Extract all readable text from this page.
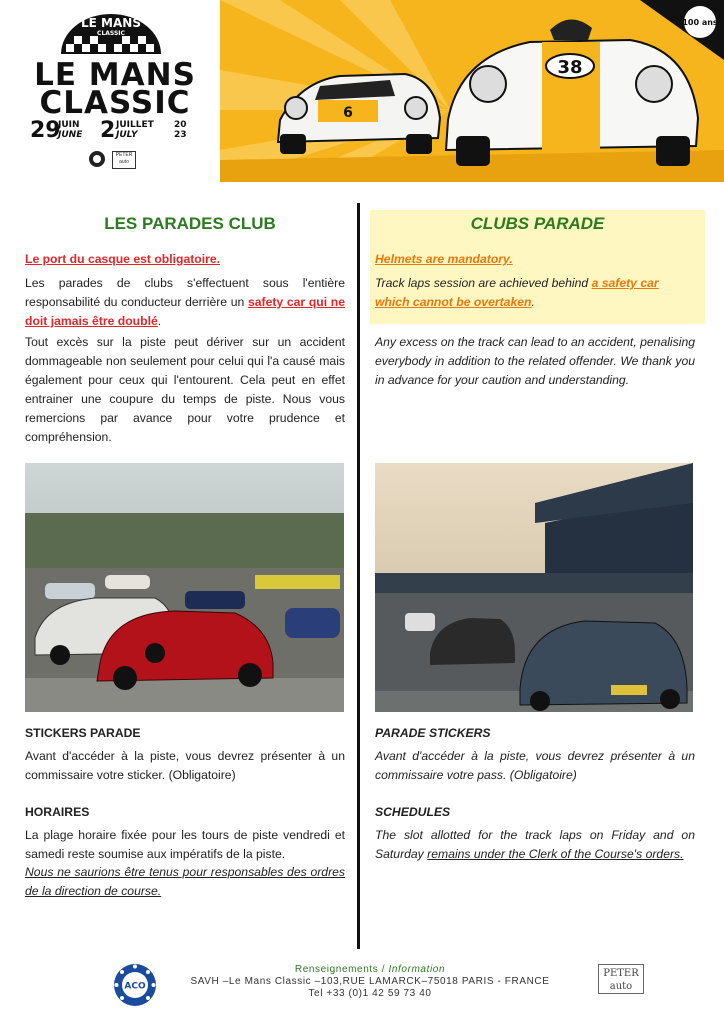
LE MANS
CLASSIC
LE MANS
CLASSIC
29
JUIN
JUNE 2 JUILLET
JULY
20
23
PETER auto
100 ans
6
38
LES PARADES CLUB

Le port du casque est obligatoire.

Les parades de clubs s'effectuent sous l'entière responsabilité du conducteur derrière un safety car qui ne doit jamais être doublé.

Tout excès sur la piste peut dériver sur un accident dommageable non seulement pour celui qui l'a causé mais également pour ceux qui l'entourent. Cela peut en effet entrainer une coupure du temps de piste. Nous vous remercions par avance pour votre prudence et compréhension.

STICKERS PARADE

Avant d'accéder à la piste, vous devrez présenter à un commissaire votre sticker. (Obligatoire)

HORAIRES

La plage horaire fixée pour les tours de piste vendredi et samedi reste soumise aux impératifs de la piste.

Nous ne saurions être tenus pour responsables des ordres de la direction de course.

CLUBS PARADE

Helmets are mandatory.

Track laps session are achieved behind a safety car which cannot be overtaken.

Any excess on the track can lead to an accident, penalising everybody in addition to the related offender. We thank you in advance for your caution and understanding.

PARADE STICKERS

Avant d'accéder à la piste, vous devrez présenter à un commissaire votre pass. (Obligatoire)

SCHEDULES

The slot allotted for the track laps on Friday and on Saturday remains under the Clerk of the Course's orders.

ACO
Renseignements / Information
SAVH –Le Mans Classic –103,RUE LAMARCK–75018 PARIS - FRANCE
Tel +33 (0)1 42 59 73 40
PETER auto
